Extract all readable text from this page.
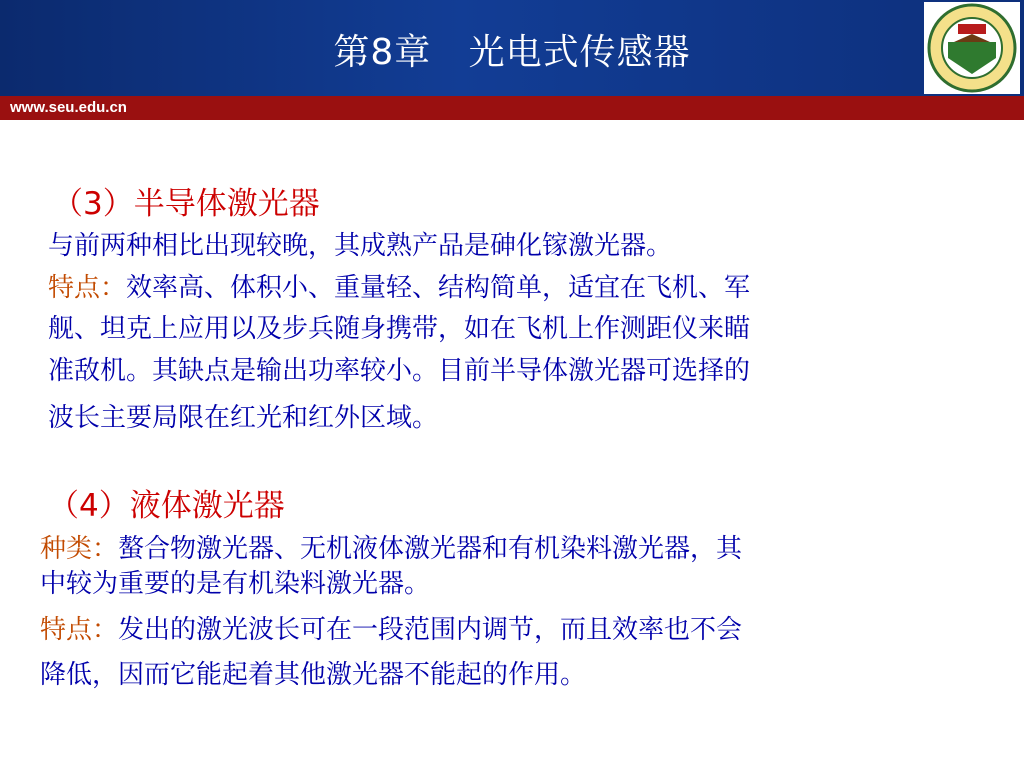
第8章   光电式传感器
www.seu.edu.cn
（3）半导体激光器
与前两种相比出现较晚，其成熟产品是砷化镓激光器。
特点：效率高、体积小、重量轻、结构简单，适宜在飞机、军
舰、坦克上应用以及步兵随身携带，如在飞机上作测距仪来瞄
准敌机。其缺点是输出功率较小。目前半导体激光器可选择的
波长主要局限在红光和红外区域。
（4）液体激光器
种类：螯合物激光器、无机液体激光器和有机染料激光器，其
中较为重要的是有机染料激光器。
特点：发出的激光波长可在一段范围内调节，而且效率也不会
降低，因而它能起着其他激光器不能起的作用。
